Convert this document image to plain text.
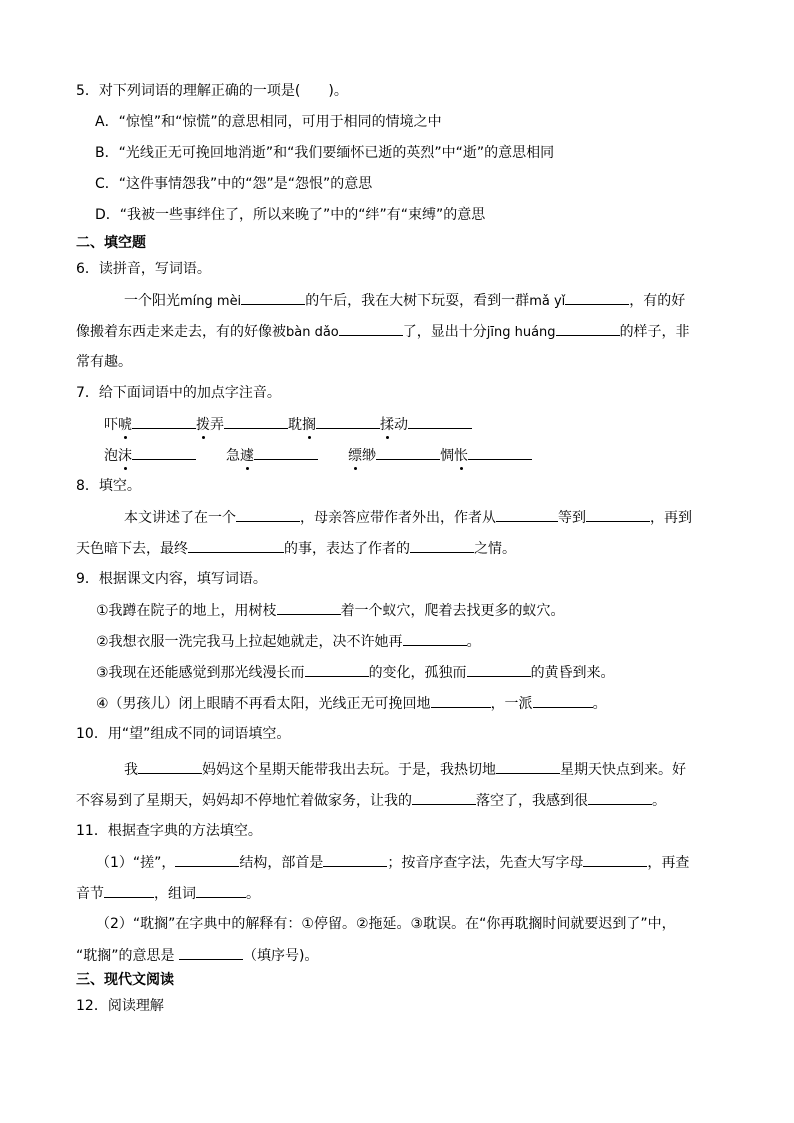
5．对下列词语的理解正确的一项是(　　)。
A．“惊惶”和“惊慌”的意思相同，可用于相同的情境之中
B．“光线正无可挽回地消逝”和“我们要缅怀已逝的英烈”中“逝”的意思相同
C．“这件事情怨我”中的“怨”是“怨恨”的意思
D．“我被一些事绊住了，所以来晚了”中的“绊”有“束缚”的意思
二、填空题
6．读拼音，写词语。
一个阳光míng mèi	的午后，我在大树下玩耍，看到一群mǎ yǐ	，有的好
像搬着东西走来走去，有的好像被bàn dǎo	了，显出十分jīng huáng	的样子，非
常有趣。
7．给下面词语中的加点字注音。
吓唬	拨弄	耽搁	揉动
泡沫	急遽	缥缈	惆怅
8．填空。
本文讲述了在一个	，母亲答应带作者外出，作者从	等到	，再到
天色暗下去，最终	的事，表达了作者的	之情。
9．根据课文内容，填写词语。
①我蹲在院子的地上，用树枝	着一个蚁穴，爬着去找更多的蚁穴。
②我想衣服一洗完我马上拉起她就走，决不许她再	。
③我现在还能感觉到那光线漫长而	的变化，孤独而	的黄昏到来。
④（男孩儿）闭上眼睛不再看太阳，光线正无可挽回地	，一派	。
10．用“望”组成不同的词语填空。
我	妈妈这个星期天能带我出去玩。于是，我热切地	星期天快点到来。好
不容易到了星期天，妈妈却不停地忙着做家务，让我的	落空了，我感到很	。
11．根据查字典的方法填空。
（1）“搓”，	结构，部首是	；按音序查字法，先查大写字母	，再查
音节	，组词	。
（2）“耽搁”在字典中的解释有：①停留。②拖延。③耽误。在“你再耽搁时间就要迟到了”中，
“耽搁”的意思是	（填序号)。
三、现代文阅读
12．阅读理解
